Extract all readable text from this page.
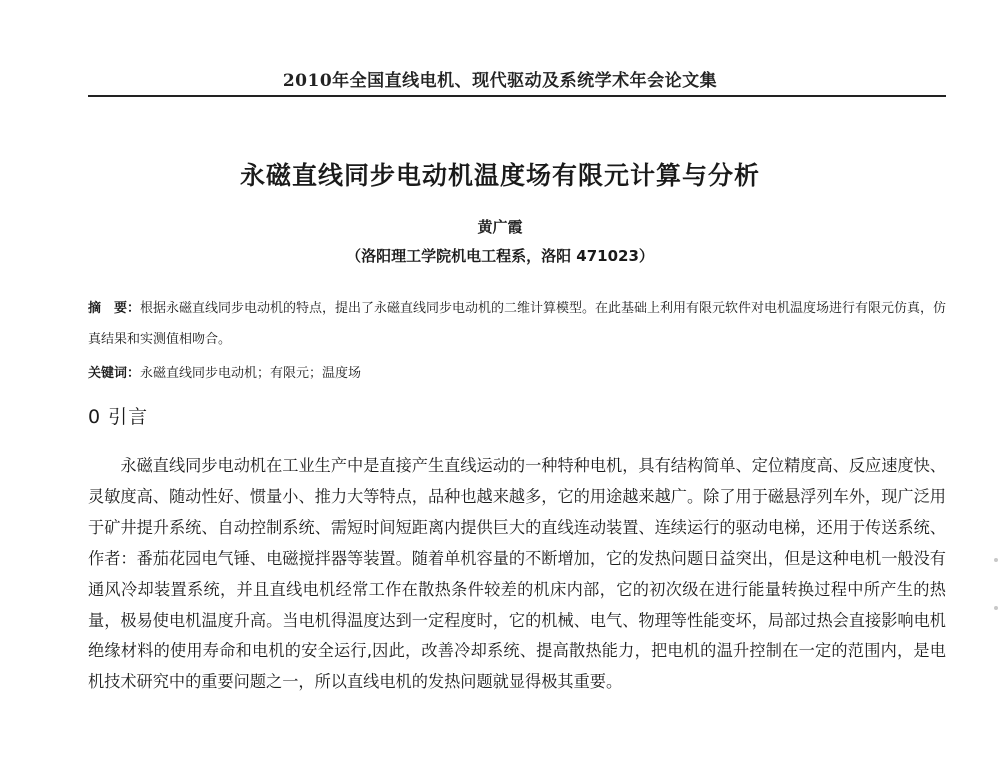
2010年全国直线电机、现代驱动及系统学术年会论文集
永磁直线同步电动机温度场有限元计算与分析
黄广霞
（洛阳理工学院机电工程系，洛阳 471023）
摘　要：根据永磁直线同步电动机的特点，提出了永磁直线同步电动机的二维计算模型。在此基础上利用有限元软件对电机温度场进行有限元仿真，仿真结果和实测值相吻合。
关键词：永磁直线同步电动机；有限元；温度场
0 引言

永磁直线同步电动机在工业生产中是直接产生直线运动的一种特种电机，具有结构简单、定位精度高、反应速度快、灵敏度高、随动性好、惯量小、推力大等特点，品种也越来越多，它的用途越来越广。除了用于磁悬浮列车外，现广泛用于矿井提升系统、自动控制系统、需短时间短距离内提供巨大的直线连动装置、连续运行的驱动电梯，还用于传送系统、作者：番茄花园电气锤、电磁搅拌器等装置。随着单机容量的不断增加，它的发热问题日益突出，但是这种电机一般没有通风冷却装置系统，并且直线电机经常工作在散热条件较差的机床内部，它的初次级在进行能量转换过程中所产生的热量，极易使电机温度升高。当电机得温度达到一定程度时，它的机械、电气、物理等性能变坏，局部过热会直接影响电机绝缘材料的使用寿命和电机的安全运行,因此，改善冷却系统、提高散热能力，把电机的温升控制在一定的范围内，是电机技术研究中的重要问题之一，所以直线电机的发热问题就显得极其重要。
